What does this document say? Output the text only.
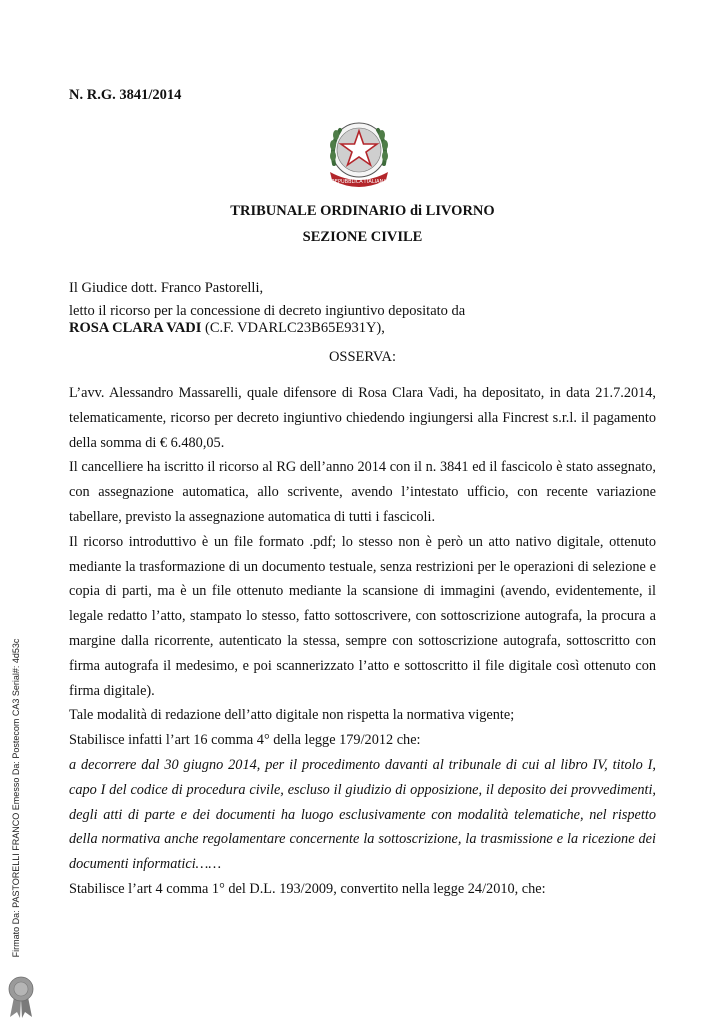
N. R.G. 3841/2014
REPUBBLICA ITALIANA
TRIBUNALE ORDINARIO di LIVORNO
SEZIONE CIVILE
Il Giudice dott. Franco Pastorelli,
letto il ricorso per la concessione di decreto ingiuntivo depositato da
ROSA CLARA VADI (C.F. VDARLC23B65E931Y),
OSSERVA:

L’avv. Alessandro Massarelli, quale difensore di Rosa Clara Vadi, ha depositato, in data 21.7.2014, telematicamente, ricorso per decreto ingiuntivo chiedendo ingiungersi alla Fincrest s.r.l. il pagamento della somma di € 6.480,05.

Il cancelliere ha iscritto il ricorso al RG dell’anno 2014 con il n. 3841 ed il fascicolo è stato assegnato, con assegnazione automatica, allo scrivente, avendo l’intestato ufficio, con recente variazione tabellare, previsto la assegnazione automatica di tutti i fascicoli.

Il ricorso introduttivo è un file formato .pdf; lo stesso non è però un atto nativo digitale, ottenuto mediante la trasformazione di un documento testuale, senza restrizioni per le operazioni di selezione e copia di parti, ma è un file ottenuto mediante la scansione di immagini (avendo, evidentemente, il legale redatto l’atto, stampato lo stesso, fatto sottoscrivere, con sottoscrizione autografa, la procura a margine dalla ricorrente, autenticato la stessa, sempre con sottoscrizione autografa, sottoscritto con firma autografa il medesimo, e poi scannerizzato l’atto e sottoscritto il file digitale così ottenuto con firma digitale).

Tale modalità di redazione dell’atto digitale non rispetta la normativa vigente;

Stabilisce infatti l’art 16 comma 4° della legge 179/2012 che:

a decorrere dal 30 giugno 2014, per il procedimento davanti al tribunale di cui al libro IV, titolo I, capo I del codice di procedura civile, escluso il giudizio di opposizione, il deposito dei provvedimenti, degli atti di parte e dei documenti ha luogo esclusivamente con modalità telematiche, nel rispetto della normativa anche regolamentare concernente la sottoscrizione, la trasmissione e la ricezione dei documenti informatici……

Stabilisce l’art 4 comma 1° del D.L. 193/2009, convertito nella legge 24/2010, che:

Firmato Da: PASTORELLI FRANCO Emesso Da: Postecom CA3 Serial#: 4d53c
